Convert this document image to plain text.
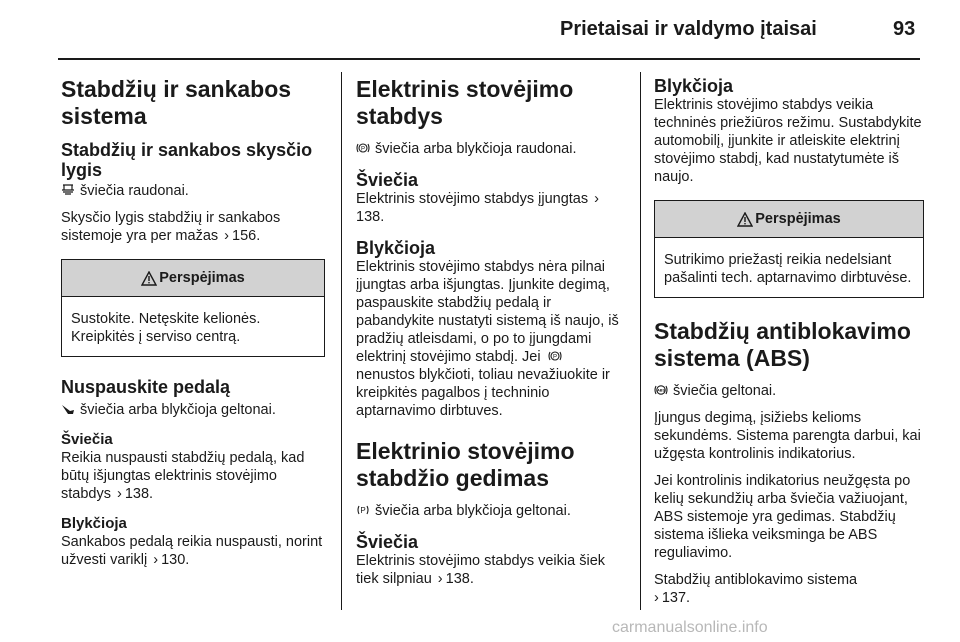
Prietaisai ir valdymo įtaisai	93
Stabdžių ir sankabos sistema
Stabdžių ir sankabos skysčio lygis

šviečia raudonai.

Skysčio lygis stabdžių ir sankabos sistemoje yra per mažas › 156.

Perspėjimas

Sustokite. Netęskite kelionės. Kreipkitės į serviso centrą.

Nuspauskite pedalą

šviečia arba blykčioja geltonai.

Šviečia

Reikia nuspausti stabdžių pedalą, kad būtų išjungtas elektrinis stovėjimo stabdys › 138.

Blykčioja

Sankabos pedalą reikia nuspausti, norint užvesti variklį › 130.

Elektrinis stovėjimo stabdys

P šviečia arba blykčioja raudonai.

Šviečia

Elektrinis stovėjimo stabdys įjungtas ›138.

Blykčioja

Elektrinis stovėjimo stabdys nėra pilnai įjungtas arba išjungtas. Įjunkite degimą, paspauskite stabdžių pedalą ir pabandykite nustatyti sistemą iš naujo, iš pradžių atleisdami, o po to įjungdami elektrinį stovėjimo stabdį. Jei P
nenustos blykčioti, toliau nevažiuokite ir kreipkitės pagalbos į techninio aptarnavimo dirbtuves.

Elektrinio stovėjimo stabdžio gedimas

P šviečia arba blykčioja geltonai.

Šviečia

Elektrinis stovėjimo stabdys veikia šiek tiek silpniau › 138.

Blykčioja

Elektrinis stovėjimo stabdys veikia techninės priežiūros režimu. Sustabdykite automobilį, įjunkite ir atleiskite elektrinį stovėjimo stabdį, kad nustatytumėte iš naujo.

Perspėjimas

Sutrikimo priežastį reikia nedelsiant pašalinti tech. aptarnavimo dirbtuvėse.

Stabdžių antiblokavimo sistema (ABS)

ABS šviečia geltonai.

Įjungus degimą, įsižiebs kelioms sekundėms. Sistema parengta darbui, kai užgęsta kontrolinis indikatorius.

Jei kontrolinis indikatorius neužgęsta po kelių sekundžių arba šviečia važiuojant, ABS sistemoje yra gedimas. Stabdžių sistema išlieka veiksminga be ABS reguliavimo.

Stabdžių antiblokavimo sistema
› 137.

carmanualsonline.info
